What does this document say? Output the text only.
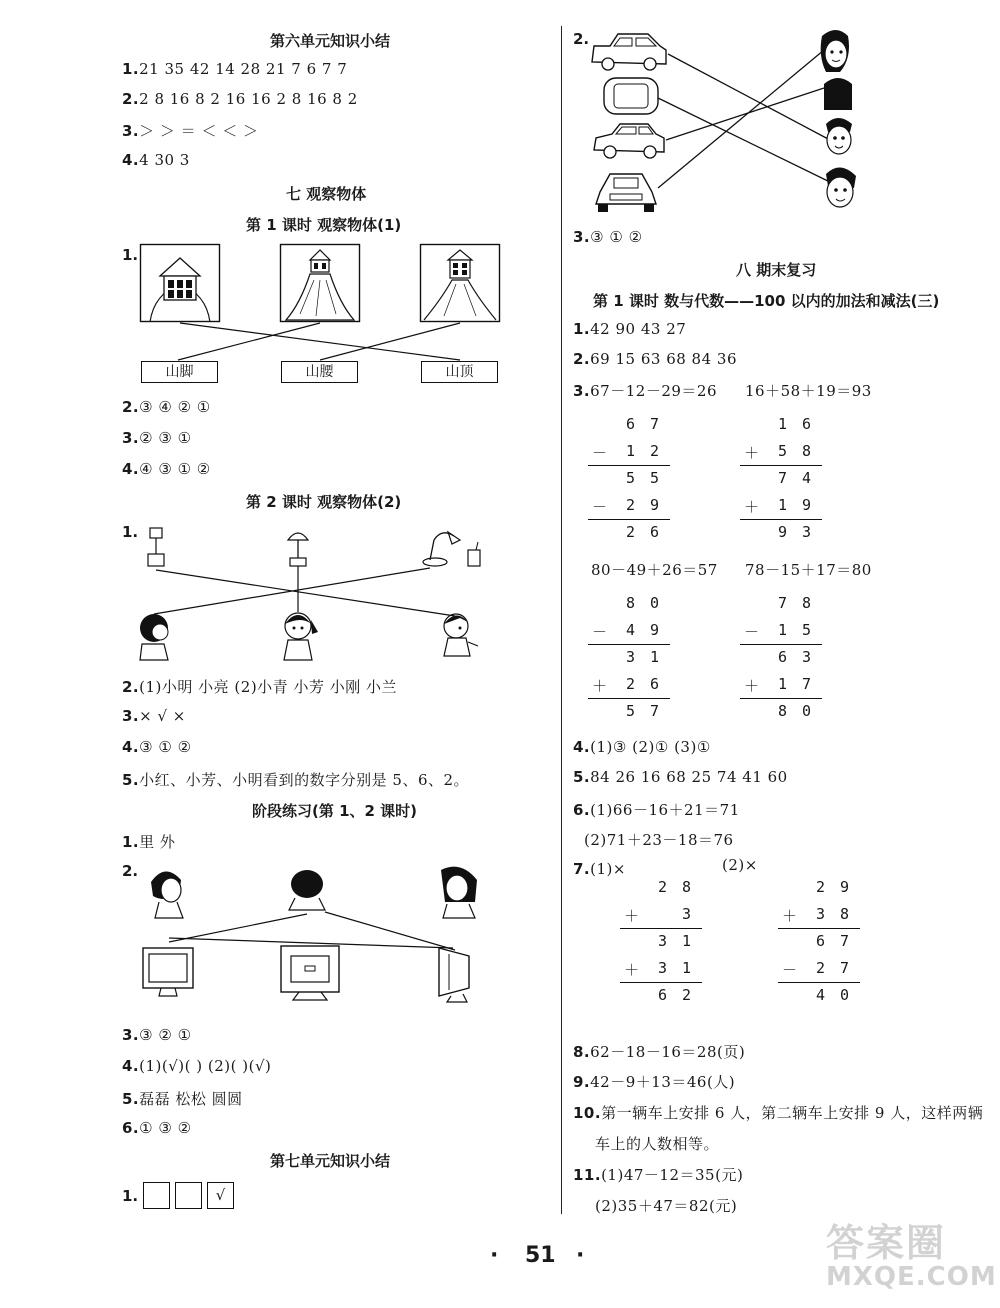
第六单元知识小结
1.21 35 42 14 28 21 7 6 7 7
2.2 8 16 8 2 16 16 2 8 16 8 2
3.＞ ＞ ＝ ＜ ＜ ＞
4.4 30 3
七 观察物体
第 1 课时 观察物体(1)
1.
山脚	山腰	山顶
2.③ ④ ② ①
3.② ③ ①
4.④ ③ ① ②
第 2 课时 观察物体(2)
1.
2.(1)小明 小亮 (2)小青 小芳 小刚 小兰
3.× √ ×
4.③ ① ②
5.小红、小芳、小明看到的数字分别是 5、6、2。
阶段练习(第 1、2 课时)
1.里 外
2.
3.③ ② ①
4.(1)(√)( ) (2)( )(√)
5.磊磊 松松 圆圆
6.① ③ ②
第七单元知识小结
1.	√
2.
3.③ ① ②
八 期末复习
第 1 课时 数与代数——100 以内的加法和减法(三)
1.42 90 43 27
2.69 15 63 68 84 36
3.67－12－29＝26 16＋58＋19＝93
80－49＋26＝57 78－15＋17＝80
4.(1)③ (2)① (3)①
5.84 26 16 68 25 74 41 60
6.(1)66－16＋21＝71
(2)71＋23－18＝76
7.(1)×	(2)×
8.62－18－16＝28(页)
9.42－9＋13＝46(人)
10.第一辆车上安排 6 人，第二辆车上安排 9 人，这样两辆
车上的人数相等。
11.(1)47－12＝35(元)
(2)35＋47＝82(元)
· 51 ·	答案圈
MXQE.COM
6 7
－ 1 2
5 5
－ 2 9
2 6
1 6
＋ 5 8
7 4
＋ 1 9
9 3
8 0
－ 4 9
3 1
＋ 2 6
5 7
7 8
－ 1 5
6 3
＋ 1 7
8 0
2 8
＋	3
3 1
＋ 3 1
6 2
2 9
＋ 3 8
6 7
－ 2 7
4 0
